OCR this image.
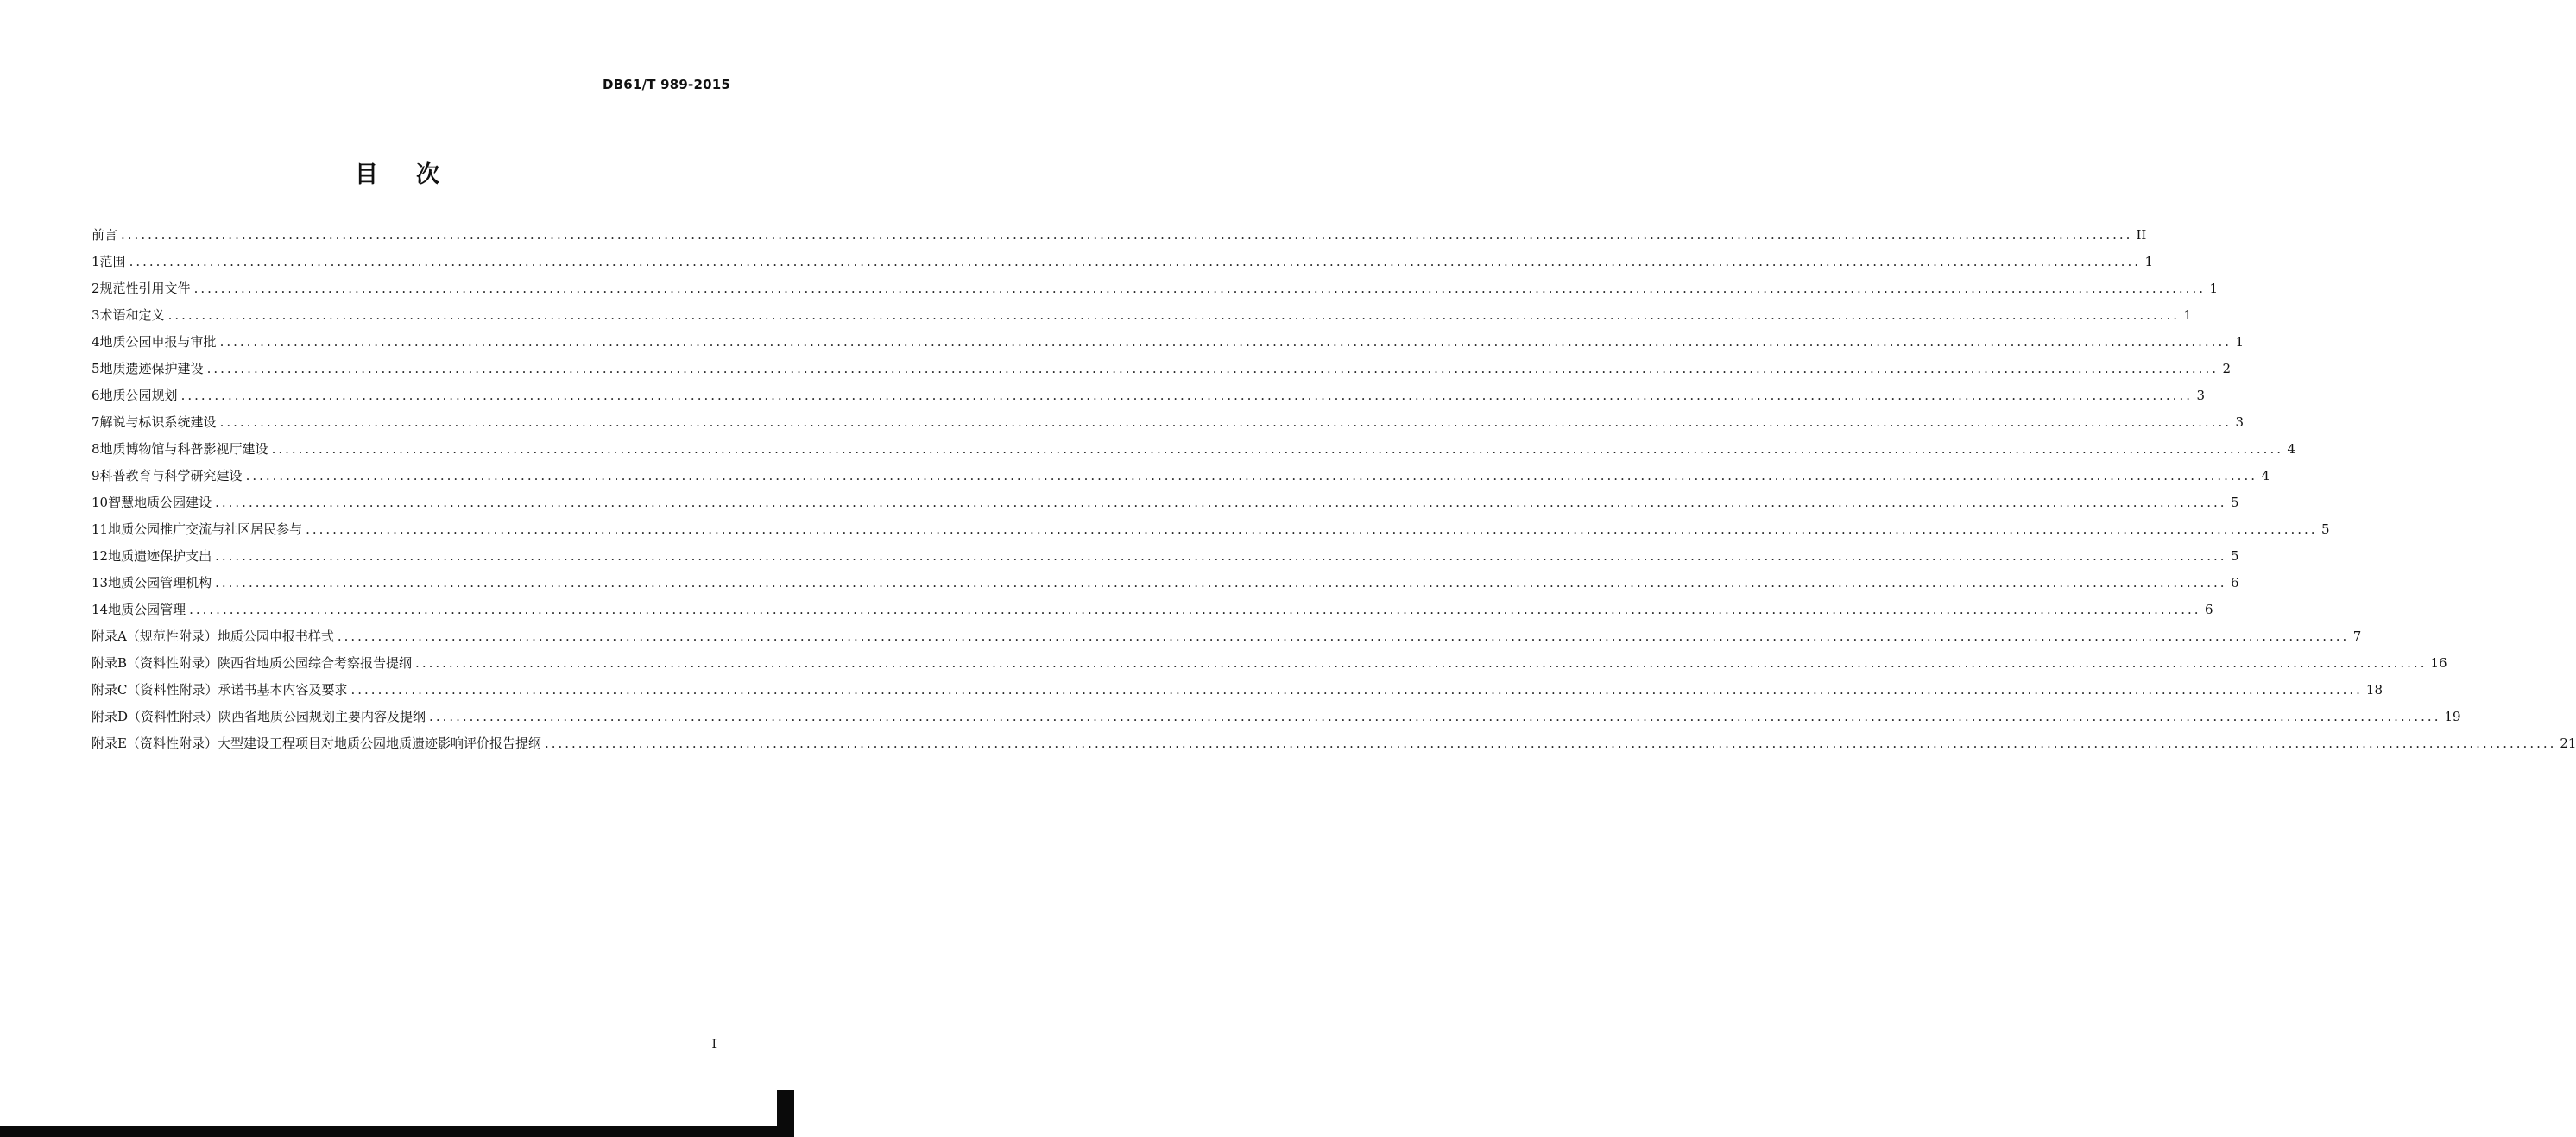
DB61/T 989-2015
目 次
前言 ............................................................................................................................................................................................................................................................................................................ II
1 范围 ............................................................................................................................................................................................................................................................................................................ 1
2 规范性引用文件 ............................................................................................................................................................................................................................................................................................................ 1
3 术语和定义 ............................................................................................................................................................................................................................................................................................................ 1
4 地质公园申报与审批 ............................................................................................................................................................................................................................................................................................................ 1
5 地质遗迹保护建设 ............................................................................................................................................................................................................................................................................................................ 2
6 地质公园规划 ............................................................................................................................................................................................................................................................................................................ 3
7 解说与标识系统建设 ............................................................................................................................................................................................................................................................................................................ 3
8 地质博物馆与科普影视厅建设 ............................................................................................................................................................................................................................................................................................................ 4
9 科普教育与科学研究建设 ............................................................................................................................................................................................................................................................................................................ 4
10 智慧地质公园建设 ............................................................................................................................................................................................................................................................................................................ 5
11 地质公园推广交流与社区居民参与 ............................................................................................................................................................................................................................................................................................................ 5
12 地质遗迹保护支出 ............................................................................................................................................................................................................................................................................................................ 5
13 地质公园管理机构 ............................................................................................................................................................................................................................................................................................................ 6
14 地质公园管理 ............................................................................................................................................................................................................................................................................................................ 6
附录A（规范性附录） 地质公园申报书样式 ............................................................................................................................................................................................................................................................................................................ 7
附录B（资料性附录） 陕西省地质公园综合考察报告提纲 ............................................................................................................................................................................................................................................................................................................ 16
附录C（资料性附录） 承诺书基本内容及要求 ............................................................................................................................................................................................................................................................................................................ 18
附录D（资料性附录） 陕西省地质公园规划主要内容及提纲 ............................................................................................................................................................................................................................................................................................................ 19
附录E（资料性附录） 大型建设工程项目对地质公园地质遗迹影响评价报告提纲 ............................................................................................................................................................................................................................................................................................................ 21
I
